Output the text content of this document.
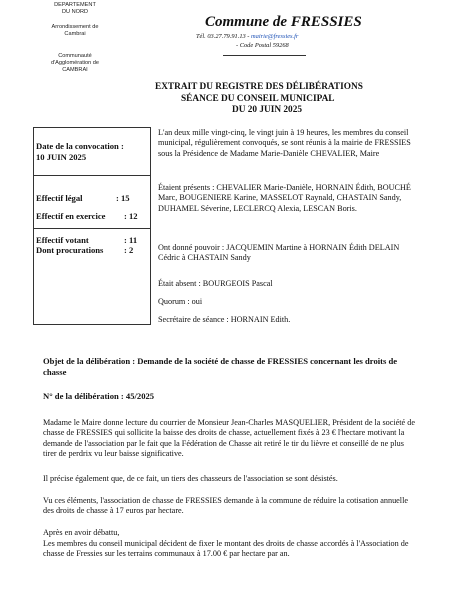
DEPARTEMENT
DU NORD
Arrondissement de
Cambrai
Communauté
d'Agglomération de
CAMBRAI
Commune de FRESSIES
Tél. 03.27.79.91.13 - mairie@fressies.fr
- Code Postal 59268
EXTRAIT DU REGISTRE DES DÉLIBÉRATIONS
SÉANCE DU CONSEIL MUNICIPAL
DU 20 JUIN 2025
Date de la convocation :
10 JUIN 2025
Effectif légal	: 15
Effectif en exercice : 12
Effectif votant	: 11
Dont procurations : 2
L'an deux mille vingt-cinq, le vingt juin à 19 heures, les membres du conseil municipal, régulièrement convoqués, se sont réunis à la mairie de FRESSIES sous la Présidence de Madame Marie-Danièle CHEVALIER, Maire
Étaient présents : CHEVALIER Marie-Danièle, HORNAIN Édith, BOUCHÉ Marc, BOUGENIERE Karine, MASSELOT Raynald, CHASTAIN Sandy, DUHAMEL Séverine, LECLERCQ Alexia, LESCAN Boris.
Ont donné pouvoir : JACQUEMIN Martine à HORNAIN Édith DELAIN Cédric à CHASTAIN Sandy
Était absent : BOURGEOIS Pascal
Quorum : oui
Secrétaire de séance : HORNAIN Edith.
Objet de la délibération : Demande de la société de chasse de FRESSIES concernant les droits de chasse
N° de la délibération : 45/2025
Madame le Maire donne lecture du courrier de Monsieur Jean-Charles MASQUELIER, Président de la société de chasse de FRESSIES qui sollicite la baisse des droits de chasse, actuellement fixés à 23 € l'hectare motivant la demande de l'association par le fait que la Fédération de Chasse ait retiré le tir du lièvre et conseillé de ne plus tirer de perdrix vu leur baisse significative.
Il précise également que, de ce fait, un tiers des chasseurs de l'association se sont désistés.
Vu ces éléments, l'association de chasse de FRESSIES demande à la commune de réduire la cotisation annuelle des droits de chasse à 17 euros par hectare.
Après en avoir débattu,
Les membres du conseil municipal décident de fixer le montant des droits de chasse accordés à l'Association de chasse de Fressies sur les terrains communaux à 17.00 € par hectare par an.
